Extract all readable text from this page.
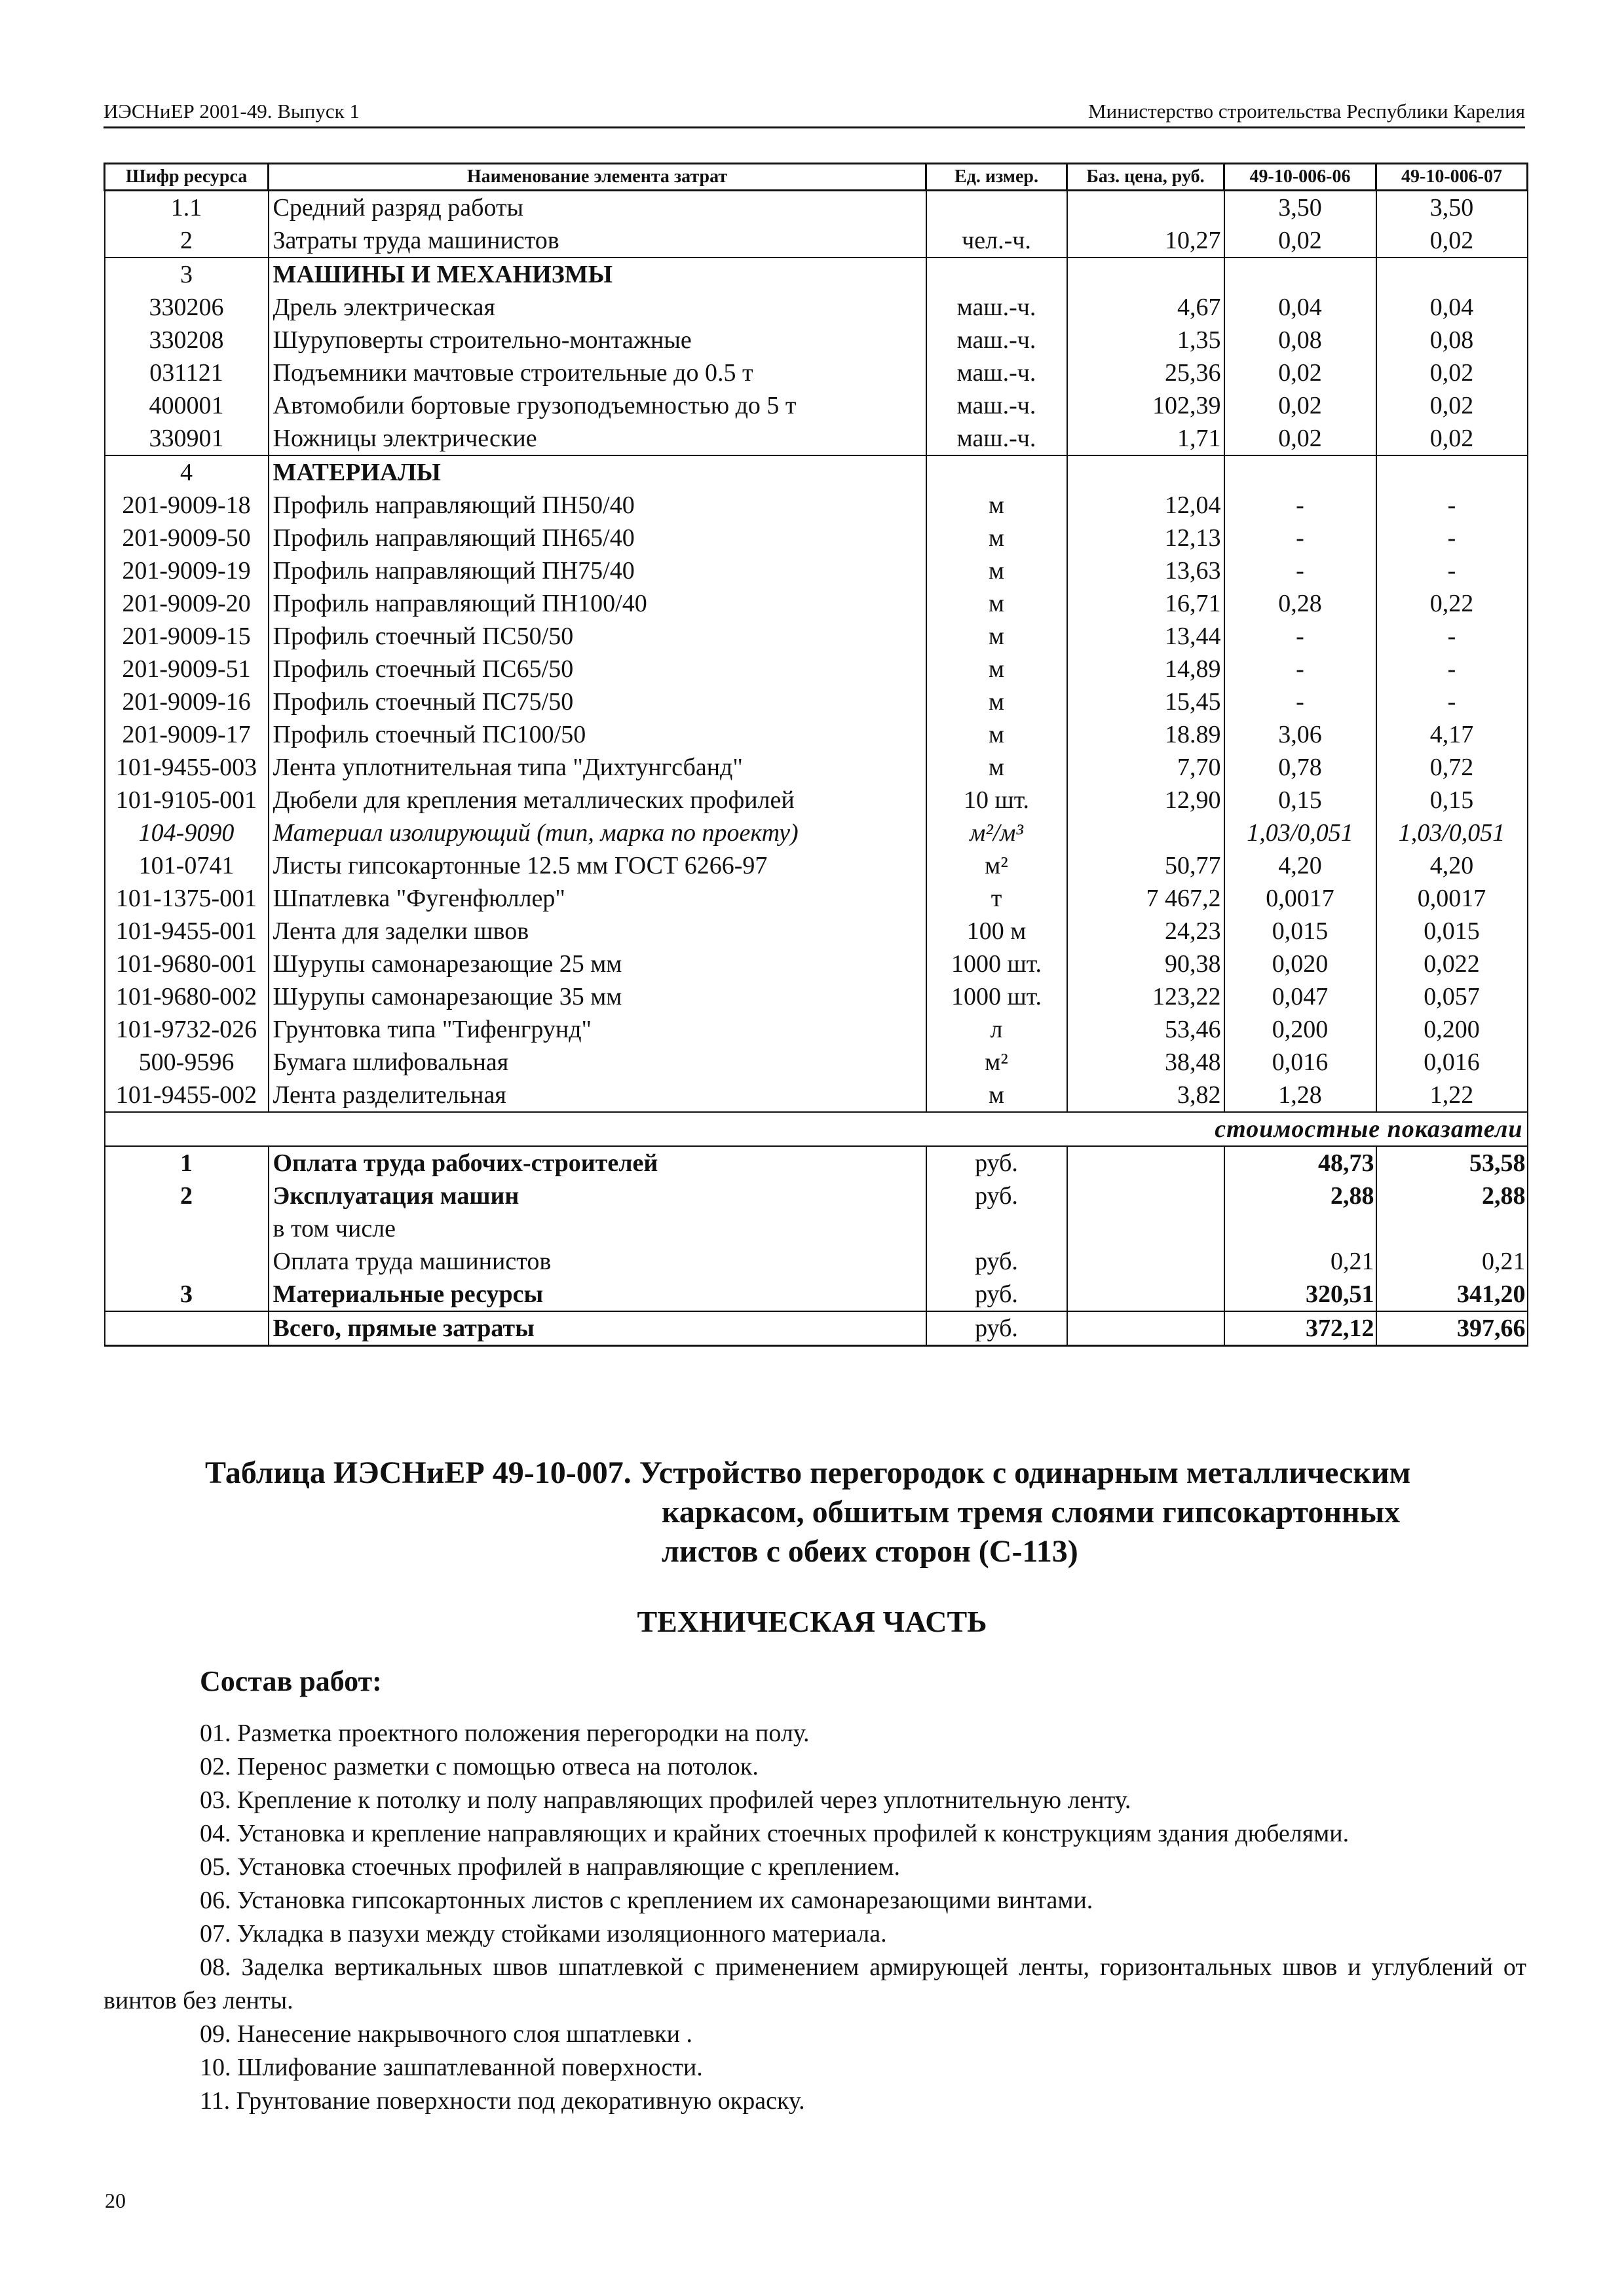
ИЭСНиЕР 2001-49. Выпуск 1	Министерство строительства Республики Карелия
Шифр ресурса	Наименование элемента затрат	Ед. измер.	Баз. цена, руб.	49-10-006-06	49-10-006-07
1.1	Средний разряд работы			3,50	3,50
2	Затраты труда машинистов	чел.-ч.	10,27	0,02	0,02
3	МАШИНЫ И МЕХАНИЗМЫ				
330206	Дрель электрическая	маш.-ч.	4,67	0,04	0,04
330208	Шуруповерты строительно-монтажные	маш.-ч.	1,35	0,08	0,08
031121	Подъемники мачтовые строительные до 0.5 т	маш.-ч.	25,36	0,02	0,02
400001	Автомобили бортовые грузоподъемностью до 5 т	маш.-ч.	102,39	0,02	0,02
330901	Ножницы электрические	маш.-ч.	1,71	0,02	0,02
4	МАТЕРИАЛЫ				
201-9009-18	Профиль направляющий ПН50/40	м	12,04	-	-
201-9009-50	Профиль направляющий ПН65/40	м	12,13	-	-
201-9009-19	Профиль направляющий ПН75/40	м	13,63	-	-
201-9009-20	Профиль направляющий ПН100/40	м	16,71	0,28	0,22
201-9009-15	Профиль стоечный ПС50/50	м	13,44	-	-
201-9009-51	Профиль стоечный ПС65/50	м	14,89	-	-
201-9009-16	Профиль стоечный ПС75/50	м	15,45	-	-
201-9009-17	Профиль стоечный ПС100/50	м	18.89	3,06	4,17
101-9455-003	Лента уплотнительная типа "Дихтунгсбанд"	м	7,70	0,78	0,72
101-9105-001	Дюбели для крепления металлических профилей	10 шт.	12,90	0,15	0,15
104-9090	Материал изолирующий (тип, марка по проекту)	м²/м³		1,03/0,051	1,03/0,051
101-0741	Листы гипсокартонные 12.5 мм ГОСТ 6266-97	м²	50,77	4,20	4,20
101-1375-001	Шпатлевка "Фугенфюллер"	т	7 467,2	0,0017	0,0017
101-9455-001	Лента для заделки швов	100 м	24,23	0,015	0,015
101-9680-001	Шурупы самонарезающие 25 мм	1000 шт.	90,38	0,020	0,022
101-9680-002	Шурупы самонарезающие 35 мм	1000 шт.	123,22	0,047	0,057
101-9732-026	Грунтовка типа "Тифенгрунд"	л	53,46	0,200	0,200
500-9596	Бумага шлифовальная	м²	38,48	0,016	0,016
101-9455-002	Лента разделительная	м	3,82	1,28	1,22
стоимостные показатели					
1	Оплата труда рабочих-строителей	руб.		48,73	53,58
2	Эксплуатация машин	руб.		2,88	2,88
	в том числе				
	Оплата труда машинистов	руб.		0,21	0,21
3	Материальные ресурсы	руб.		320,51	341,20
	Всего, прямые затраты	руб.		372,12	397,66
Таблица ИЭСНиЕР 49-10-007. Устройство перегородок с одинарным металлическим
каркасом, обшитым тремя слоями гипсокартонных
листов с обеих сторон (С-113)
ТЕХНИЧЕСКАЯ ЧАСТЬ
Состав работ:

01. Разметка проектного положения перегородки на полу.

02. Перенос разметки с помощью отвеса на потолок.

03. Крепление к потолку и полу направляющих профилей через уплотнительную ленту.

04. Установка и крепление направляющих и крайних стоечных профилей к конструкциям здания дюбелями.

05. Установка стоечных профилей в направляющие с креплением.

06. Установка гипсокартонных листов с креплением их самонарезающими винтами.

07. Укладка в пазухи между стойками изоляционного материала.

08. Заделка вертикальных швов шпатлевкой с применением армирующей ленты, горизонтальных швов и углублений от винтов без ленты.

09. Нанесение накрывочного слоя шпатлевки .

10. Шлифование зашпатлеванной поверхности.

11. Грунтование поверхности под декоративную окраску.

20
